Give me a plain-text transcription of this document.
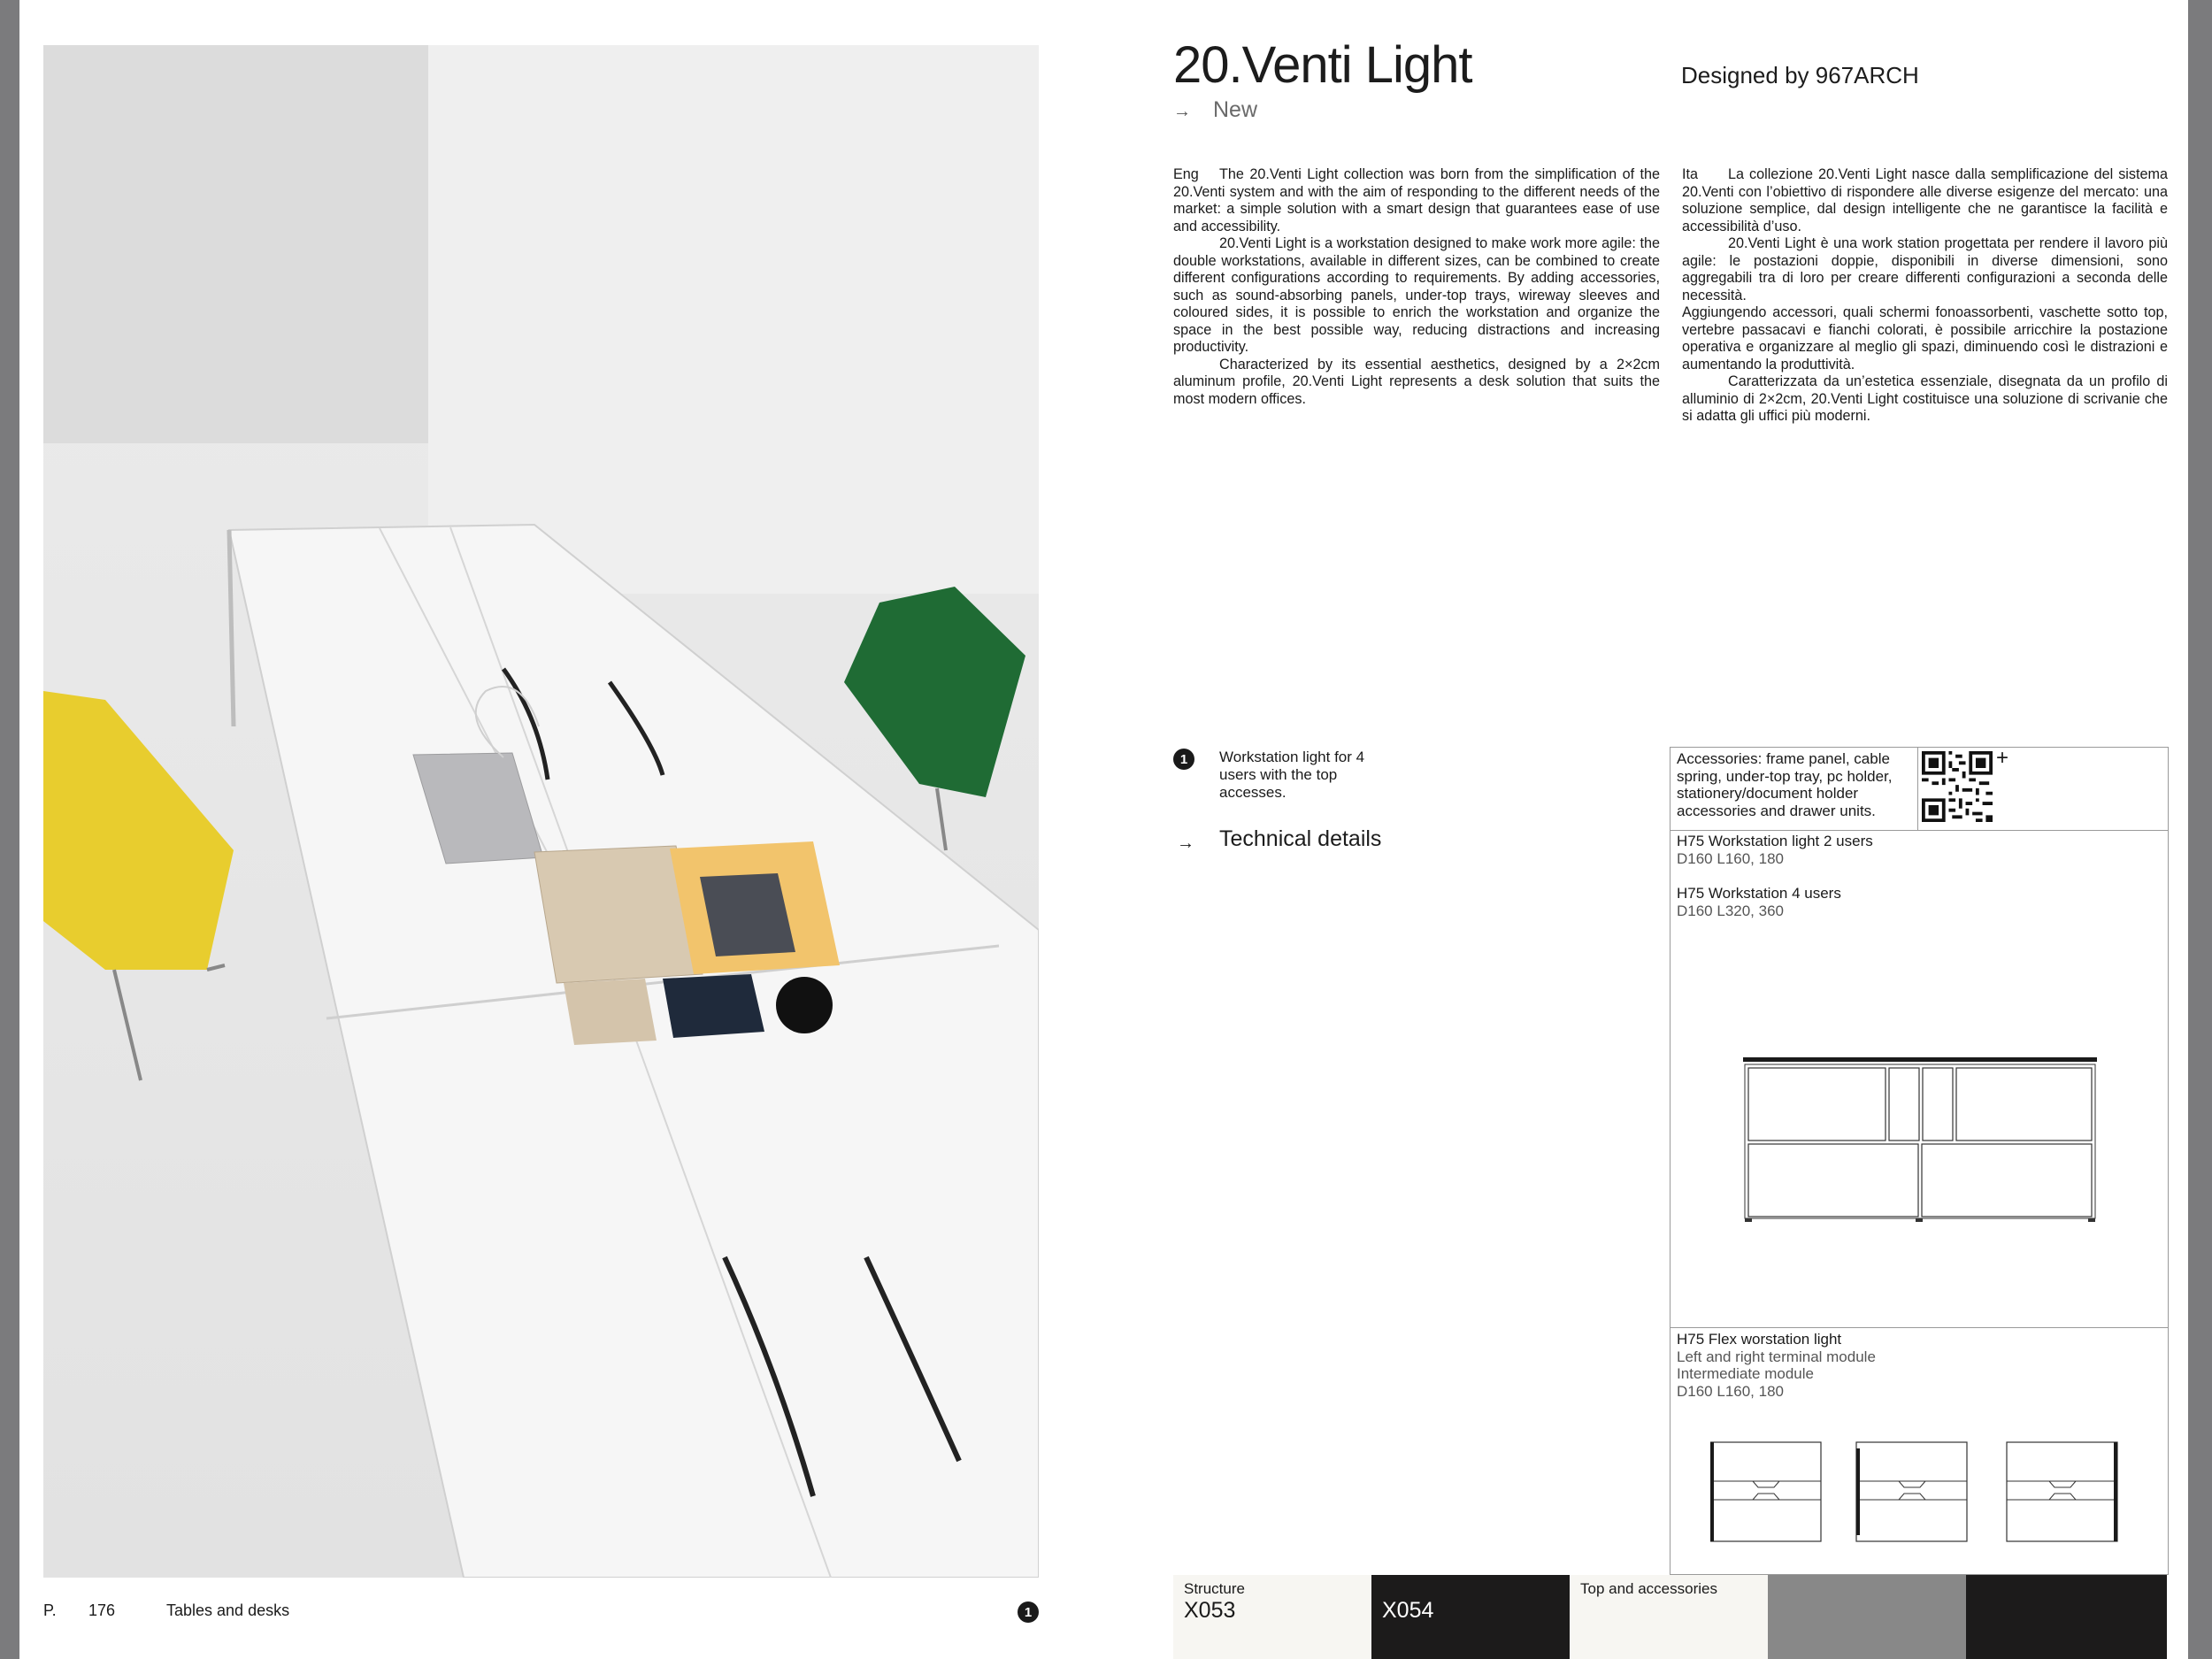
P. 176	Tables and desks	1
20.Venti Light	Designed by 967ARCH
→ New

Eng The 20.Venti Light collection was born from the simplification of the 20.Venti system and with the aim of responding to the different needs of the market: a simple solution with a smart design that guarantees ease of use and accessibility.

20.Venti Light is a workstation designed to make work more agile: the double workstations, available in different sizes, can be combined to create different configurations according to requirements. By adding accessories, such as sound-absorbing panels, under-top trays, wireway sleeves and coloured sides, it is possible to enrich the workstation and organize the space in the best possible way, reducing distractions and increasing productivity.

Characterized by its essential aesthetics, designed by a 2×2cm aluminum profile, 20.Venti Light represents a desk solution that suits the most modern offices.

Ita La collezione 20.Venti Light nasce dalla semplificazione del sistema 20.Venti con l’obiettivo di rispondere alle diverse esigenze del mercato: una soluzione semplice, dal design intelligente che ne garantisce la facilità e accessibilità d’uso.

20.Venti Light è una work station progettata per rendere il lavoro più agile: le postazioni doppie, disponibili in diverse dimensioni, sono aggregabili tra di loro per creare differenti configurazioni a seconda delle necessità.

Aggiungendo accessori, quali schermi fonoassorbenti, vaschette sotto top, vertebre passacavi e fianchi colorati, è possibile arricchire la postazione operativa e organizzare al meglio gli spazi, diminuendo così le distrazioni e aumentando la produttività.

Caratterizzata da un’estetica essenziale, disegnata da un profilo di alluminio di 2×2cm, 20.Venti Light costituisce una soluzione di scrivanie che si adatta gli uffici più moderni.

1	Workstation light for 4 users with the top accesses.
→ Technical details
Accessories: frame panel, cable spring, under-top tray, pc holder, stationery/document holder accessories and drawer units.
+
H75 Workstation light 2 users
D160 L160, 180
H75 Workstation 4 users
D160 L320, 360
H75 Flex worstation light
Left and right terminal module
Intermediate module
D160 L160, 180
Structure
X053	X054
Top and accessories
